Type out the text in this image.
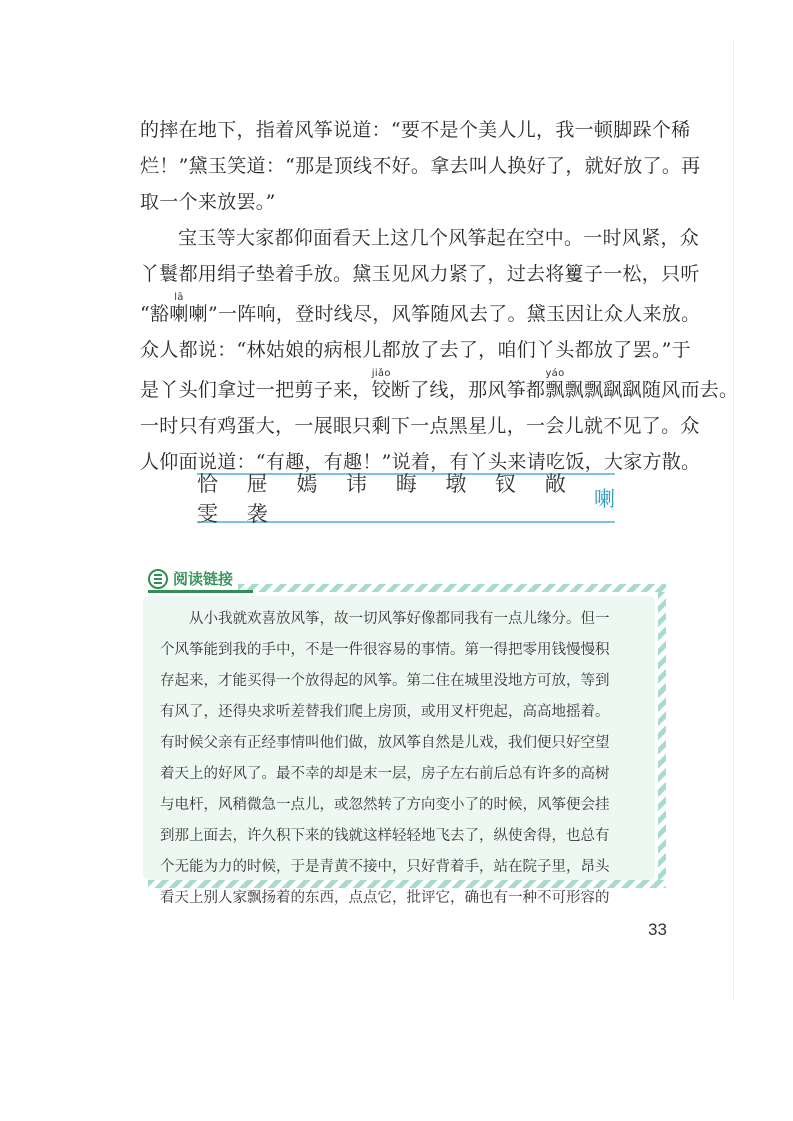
的摔在地下，指着风筝说道：“要不是个美人儿，我一顿脚跺个稀
烂！”黛玉笑道：“那是顶线不好。拿去叫人换好了，就好放了。再
取一个来放罢。”

宝玉等大家都仰面看天上这几个风筝起在空中。一时风紧，众
丫鬟都用绢子垫着手放。黛玉见风力紧了，过去将籰子一松，只听
“豁喇lā喇”一阵响，登时线尽，风筝随风去了。黛玉因让众人来放。
众人都说：“林姑娘的病根儿都放了去了，咱们丫头都放了罢。”于
是丫头们拿过一把剪子来，铰jiǎo断了线，那风筝都飘yáo飘飘飖飖随风而去。
一时只有鸡蛋大，一展眼只剩下一点黑星儿，一会儿就不见了。众
人仰面说道：“有趣，有趣！”说着，有丫头来请吃饭，大家方散。

恰 屉 嫣 讳 晦 墩 钗 敞 雯 袭
喇
阅读链接
从小我就欢喜放风筝，故一切风筝好像都同我有一点儿缘分。但一
个风筝能到我的手中，不是一件很容易的事情。第一得把零用钱慢慢积
存起来，才能买得一个放得起的风筝。第二住在城里没地方可放，等到
有风了，还得央求听差替我们爬上房顶，或用叉杆兜起，高高地摇着。
有时候父亲有正经事情叫他们做，放风筝自然是儿戏，我们便只好空望
着天上的好风了。最不幸的却是末一层，房子左右前后总有许多的高树
与电杆，风稍微急一点儿，或忽然转了方向变小了的时候，风筝便会挂
到那上面去，许久积下来的钱就这样轻轻地飞去了，纵使舍得，也总有
个无能为力的时候，于是青黄不接中，只好背着手，站在院子里，昂头
看天上别人家飘扬着的东西，点点它，批评它，确也有一种不可形容的
33
